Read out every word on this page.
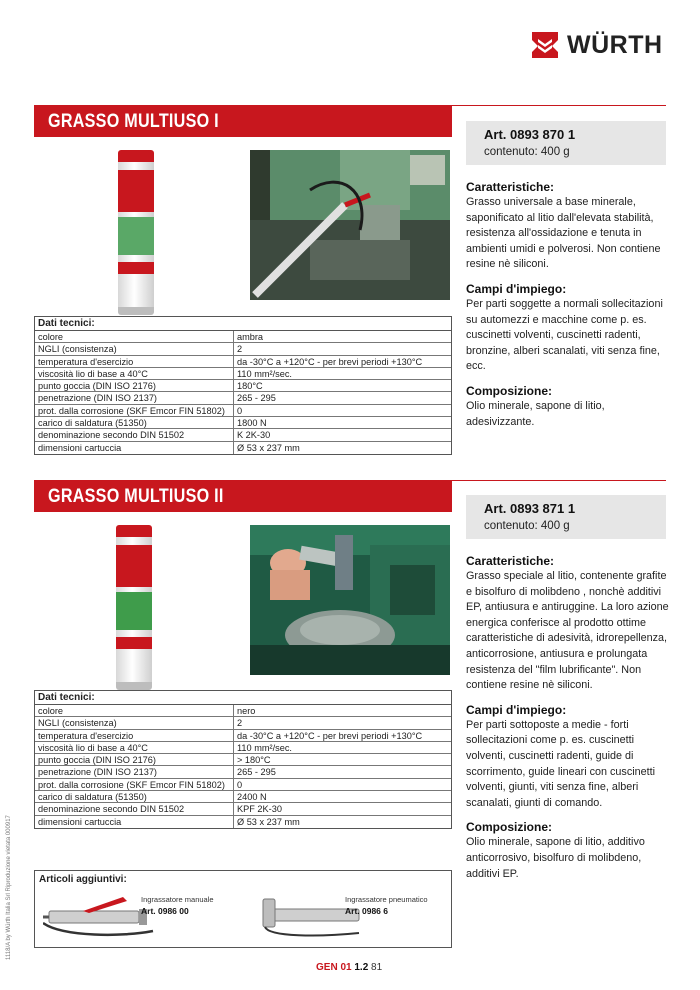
WÜRTH
GRASSO MULTIUSO I
Art. 0893 870 1
contenuto: 400 g
Dati tecnici:
colore	ambra
NGLI (consistenza)	2
temperatura d'esercizio	da -30°C a +120°C - per brevi periodi +130°C
viscosità lio di base a 40°C	110 mm²/sec.
punto goccia (DIN ISO 2176)	180°C
penetrazione (DIN ISO 2137)	265 - 295
prot. dalla corrosione (SKF Emcor FIN 51802)	0
carico di saldatura (51350)	1800 N
denominazione secondo DIN 51502	K 2K-30
dimensioni cartuccia	Ø 53 x 237 mm
Caratteristiche:

Grasso universale a base minerale, saponificato al litio dall'elevata stabilità, resistenza all'ossidazione e tenuta in ambienti umidi e polverosi. Non contiene resine nè siliconi.

Campi d'impiego:

Per parti soggette a normali sollecitazioni su automezzi e macchine come p. es. cuscinetti volventi, cuscinetti radenti, bronzine, alberi scanalati, viti senza fine, ecc.

Composizione:

Olio minerale, sapone di litio, adesivizzante.

GRASSO MULTIUSO II
Art. 0893 871 1
contenuto: 400 g
Dati tecnici:
colore	nero
NGLI (consistenza)	2
temperatura d'esercizio	da -30°C a +120°C - per brevi periodi +130°C
viscosità lio di base a 40°C	110 mm²/sec.
punto goccia (DIN ISO 2176)	> 180°C
penetrazione (DIN ISO 2137)	265 - 295
prot. dalla corrosione (SKF Emcor FIN 51802)	0
carico di saldatura (51350)	2400 N
denominazione secondo DIN 51502	KPF 2K-30
dimensioni cartuccia	Ø 53 x 237 mm
Caratteristiche:

Grasso speciale al litio, contenente grafite e bisolfuro di molibdeno , nonchè additivi EP, antiusura e antiruggine. La loro azione energica conferisce al prodotto ottime caratteristiche di adesività, idrorepellenza, anticorrosione, antiusura e prolungata resistenza del "film lubrificante". Non contiene resine nè siliconi.

Campi d'impiego:

Per parti sottoposte a medie - forti sollecitazioni come p. es. cuscinetti volventi, cuscinetti radenti, guide di scorrimento, guide lineari con cuscinetti volventi, giunti, viti senza fine, alberi scanalati, giunti di comando.

Composizione:

Olio minerale, sapone di litio, additivo anticorrosivo, bisolfuro di molibdeno, additivi EP.

Articoli aggiuntivi:
Ingrassatore manuale
Art. 0986 00
Ingrassatore pneumatico
Art. 0986 6
1118/A by Würth Italia Srl Riproduzione vietata 000917
GEN 01 1.2 81
